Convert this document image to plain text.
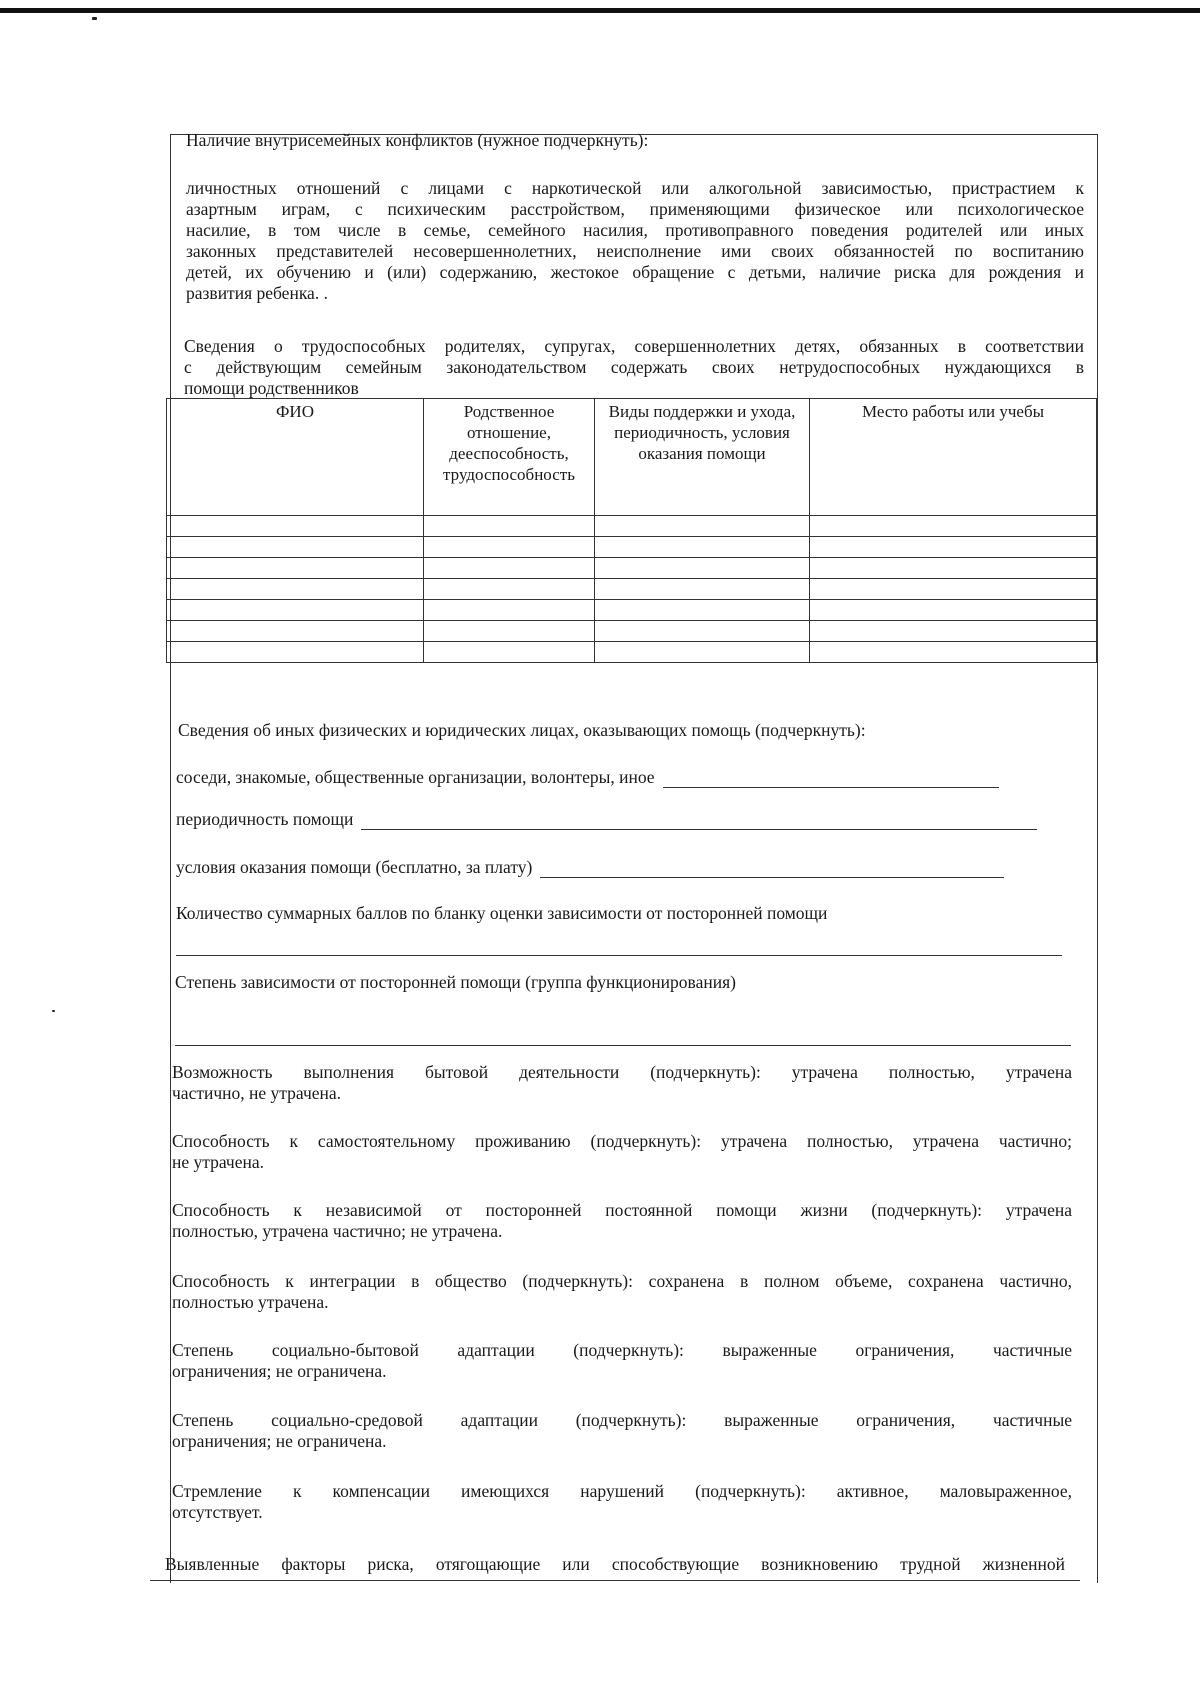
Наличие внутрисемейных конфликтов (нужное подчеркнуть):

личностных отношений с лицами с наркотической или алкогольной зависимостью, пристрастием к
азартным играм, с психическим расстройством, применяющими физическое или психологическое
насилие, в том числе в семье, семейного насилия, противоправного поведения родителей или иных
законных представителей несовершеннолетних, неисполнение ими своих обязанностей по воспитанию
детей, их обучению и (или) содержанию, жестокое обращение с детьми, наличие риска для рождения и
развития ребенка. .
Сведения о трудоспособных родителях, супругах, совершеннолетних детях, обязанных в соответствии
с действующим семейным законодательством содержать своих нетрудоспособных нуждающихся в
помощи родственников
ФИО	Родственное отношение, дееспособность, трудоспособность	Виды поддержки и ухода, периодичность, условия оказания помощи	Место работы или учебы

Сведения об иных физических и юридических лицах, оказывающих помощь (подчеркнуть):

соседи, знакомые, общественные организации, волонтеры, иное
периодичность помощи
условия оказания помощи (бесплатно, за плату)

Количество суммарных баллов по бланку оценки зависимости от посторонней помощи

Степень зависимости от посторонней помощи (группа функционирования)

Возможность выполнения бытовой деятельности (подчеркнуть): утрачена полностью, утрачена
частично, не утрачена.
Способность к самостоятельному проживанию (подчеркнуть): утрачена полностью, утрачена частично;
не утрачена.
Способность к независимой от посторонней постоянной помощи жизни (подчеркнуть): утрачена
полностью, утрачена частично; не утрачена.
Способность к интеграции в общество (подчеркнуть): сохранена в полном объеме, сохранена частично,
полностью утрачена.
Степень социально-бытовой адаптации (подчеркнуть): выраженные ограничения, частичные
ограничения; не ограничена.
Степень социально-средовой адаптации (подчеркнуть): выраженные ограничения, частичные
ограничения; не ограничена.
Стремление к компенсации имеющихся нарушений (подчеркнуть): активное, маловыраженное,
отсутствует.
Выявленные факторы риска, отягощающие или способствующие возникновению трудной жизненной
